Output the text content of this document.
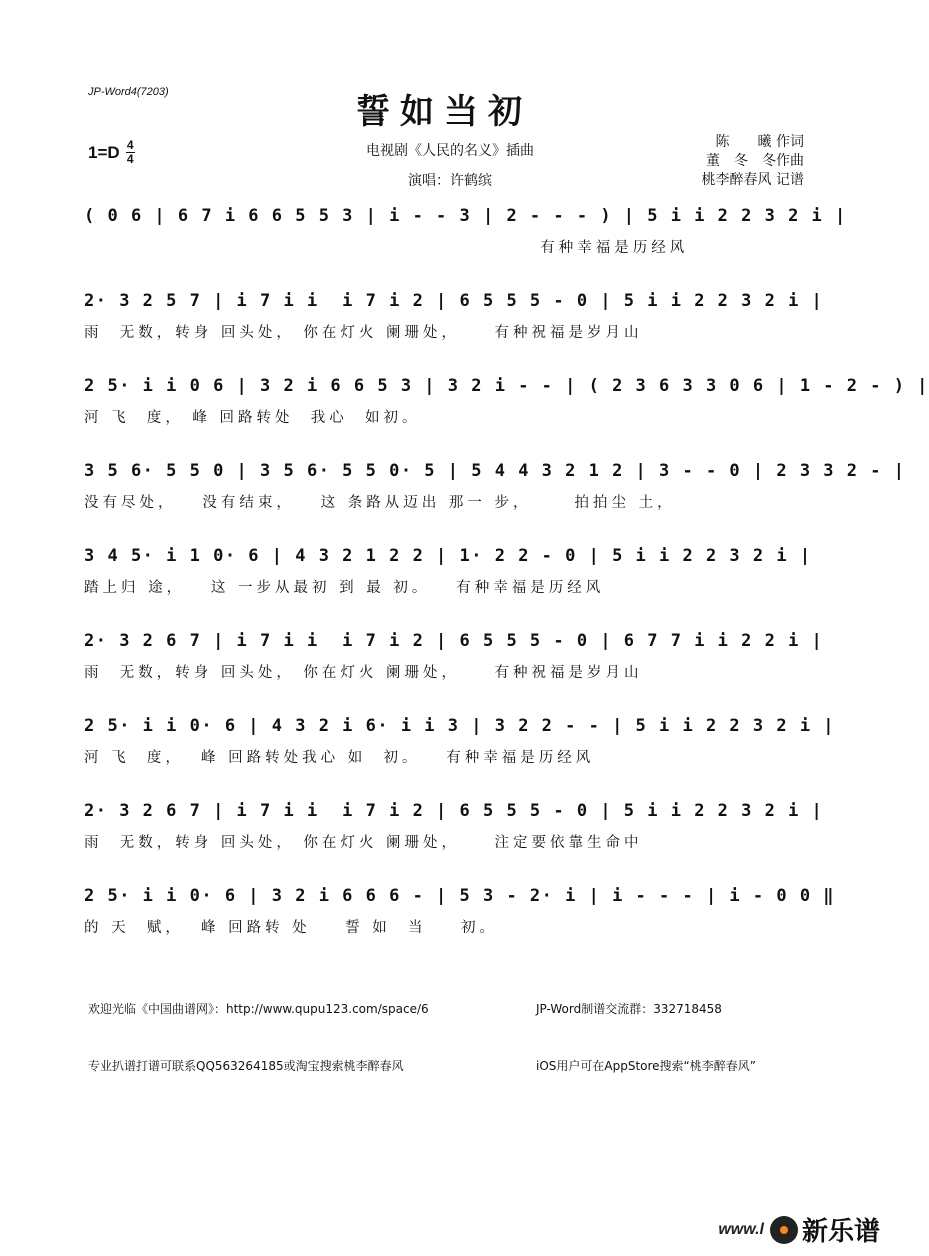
JP-Word4(7203)	誓如当初
1=D 4
4	电视剧《人民的名义》插曲
演唱：许鹤缤
陈　　曦 作词
董　冬　冬作曲
桃李醉春风 记谱
( 0 6 | 6 7 i 6 6 5 5 3 | i - - 3 | 2 - - - ) | 5 i i 2 2 3 2 i |
有种幸福是历经风
2· 3 2 5 7 | i 7 i i  i 7 i 2 | 6 5 5 5 - 0 | 5 i i 2 2 3 2 i |
雨  无数，转身 回头处， 你在灯火 阑珊处，    有种祝福是岁月山
2 5· i i 0 6 | 3 2 i 6 6 5 3 | 3 2 i - - | ( 2 3 6 3 3 0 6 | 1 - 2 - ) |
河 飞  度， 峰 回路转处  我心  如初。
3 5 6· 5 5 0 | 3 5 6· 5 5 0· 5 | 5 4 4 3 2 1 2 | 3 - - 0 | 2 3 3 2 - |
没有尽处，   没有结束，   这 条路从迈出 那一 步，     拍拍尘 土，
3 4 5· i 1 0· 6 | 4 3 2 1 2 2 | 1· 2 2 - 0 | 5 i i 2 2 3 2 i |
踏上归 途，   这 一步从最初 到 最 初。   有种幸福是历经风
2· 3 2 6 7 | i 7 i i  i 7 i 2 | 6 5 5 5 - 0 | 6 7 7 i i 2 2 i |
雨  无数，转身 回头处， 你在灯火 阑珊处，    有种祝福是岁月山
2 5· i i 0· 6 | 4 3 2 i 6· i i 3 | 3 2 2 - - | 5 i i 2 2 3 2 i |
河 飞  度，  峰 回路转处我心 如  初。   有种幸福是历经风
2· 3 2 6 7 | i 7 i i  i 7 i 2 | 6 5 5 5 - 0 | 5 i i 2 2 3 2 i |
雨  无数，转身 回头处， 你在灯火 阑珊处，    注定要依靠生命中
2 5· i i 0· 6 | 3 2 i 6 6 6 - | 5 3 - 2· i | i - - - | i - 0 0 ‖
的 天  赋，  峰 回路转 处    誓 如  当    初。

欢迎光临《中国曲谱网》：http://www.qupu123.com/space/6

专业扒谱打谱可联系QQ563264185或淘宝搜索桃李醉春风

JP-Word制谱交流群：332718458

iOS用户可在AppStore搜索“桃李醉春风”

www.l 新乐谱
